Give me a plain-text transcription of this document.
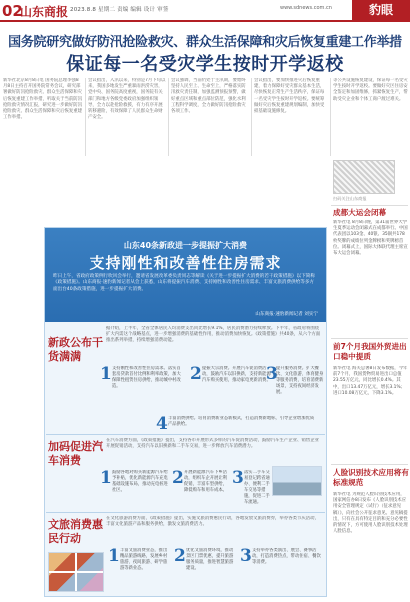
02
山东商报 2023.8.8 星期二 责编 编辑 设计 审签	www.sdnews.com.cn	豹眼
国务院研究做好防汛抢险救灾、群众生活保障和灾后恢复重建工作举措
保证每一名受灾学生按时开学返校
新华社北京8月8日电 国务院总理李强8月8日主持召开国务院常务会议，研究部署做好防汛抢险救灾、群众生活保障和灾后恢复重建工作举措，听取关于当前防汛抢险救灾情况汇报，研究进一步做好防汛抢险救灾、群众生活保障和灾后恢复重建工作举措。
会议指出，入汛以来，特别是7月下旬以来，我国多地发生严重暴雨洪涝灾害，党中央、国务院高度重视，国务院有关部门和地方各级党委政府加强组织领导，全力以赴抢险救援，有力有序开展转移避险，有效保障了人民群众生命财产安全。
会议强调，当前仍处于主汛期，要始终坚持人民至上、生命至上，严格落实防汛救灾责任制，加强监测预报预警，做好重点区域和重点部位防范，强化水利工程科学调度，全力做好防汛抢险救灾各项工作。
会议指出，要加快推进灾后恢复重建，着力保障好受灾群众基本生活，尽快恢复正常生产生活秩序，保证每一名受灾学生按时开学返校。要统筹做好灾后恢复重建规划编制，加快受损基础设施修复。
等公共设施恢复建设，保证每一名受灾学生按时开学返校。要做好灾区住房安全鉴定和加固维修，抓紧恢复生产，帮助受灾企业和个体工商户渡过难关。
扫码关注山东商报
成都大运会闭幕
新华社电 8月8日晚，第31届世界大学生夏季运动会闭幕式在成都举行。中国代表团以103金、40银、35铜共178枚奖牌的成绩位列金牌榜和奖牌榜首位。闭幕式上，国际大体联代理主席宣布大运会闭幕。
前7个月我国外贸进出口稳中提质
新华社电 海关总署8日发布数据，今年前7个月，我国货物贸易进出口总值23.55万亿元，同比增长0.4%。其中，出口13.47万亿元，增长3.1%；进口10.08万亿元，下降3.1%。
人脸识别技术应用将有标准规范
新华社电 为规范人脸识别技术应用，国家网信办8日发布《人脸识别技术应用安全管理规定（试行）（征求意见稿）》，向社会公开征求意见。意见稿提出，只有在具有特定目的和充分必要性的情况下，方可使用人脸识别技术处理人脸信息。
山东40条新政进一步提振扩大消费
支持刚性和改善性住房需求
昨日上午，省政府政策例行吹风会举行，邀请省发展改革委负责同志等解读《关于进一步提振扩大消费的若干政策措施》以下简称《政策措施》。山东商报·速豹新闻记者从会上获悉，山东将提振汽车消费、支持刚性和改善性住房需求、丰富文旅消费供给等多方面出台40条政策措施，进一步提振扩大消费。
山东商报·速豹新闻记者 刘实宁
新政公布干货满满
据介绍，上半年，全省全体居民人均消费支出同比增长9.1%，居民消费潜力持续释放。下半年，省政府将围绕扩大内需这个战略基点，进一步增强消费的基础性作用，推动消费加快恢复。《政策措施》共40条，从六个方面推出系列举措，持续增强消费动能。
1 支持刚性和改善性住房需求。落实首套房贷款首付比例和利率政策，加大保障性租赁住房供给，推动城中村改造。
2 提振大宗消费。开展汽车促消费活动，鼓励汽车以旧换新，支持新能源汽车购买使用，推动家电更新消费。
3
提升服务消费。扩大餐饮、文化旅游、体育健身等服务消费，培育消费新场景，支持夜间经济发展。
4 丰富消费供给。培育消费新业态新模式，打造消费新地标，引导企业增加优质产品供给。
加码促进汽车消费
在汽车消费方面，《政策措施》提出，支持各市开展形式多样的汽车促消费活动，鼓励汽车生产企业、销售企业开展促销活动，支持汽车以旧换新和二手车交易，进一步释放汽车消费潜力。
1 鼓励各地对购买新能源汽车给予补贴，优化新能源汽车充电基础设施布局，推动充电桩进社区。
2 开展新能源汽车下乡活动，组织车企开展让利促销，丰富车型供给，降低购车和用车成本。
3 落实二手车交易登记跨省通办、便利二手车交易等措施，促进二手车流通。
文旅消费惠民行动
在文化旅游消费方面，《政策措施》提出，实施文旅消费惠民行动，各地发放文旅消费券，举办各类节庆活动，丰富文化旅游产品和服务供给，激发文旅消费活力。
1 丰富文旅消费业态，推出精品旅游线路，发展乡村旅游、夜间旅游、研学旅游等新业态。
2 优化文旅消费环境，推动景区门票优惠，提升旅游服务质量，推进智慧旅游建设。
3 支持举办各类演出、展会、赛事活动，打造消费热点，带动住宿、餐饮等消费。
